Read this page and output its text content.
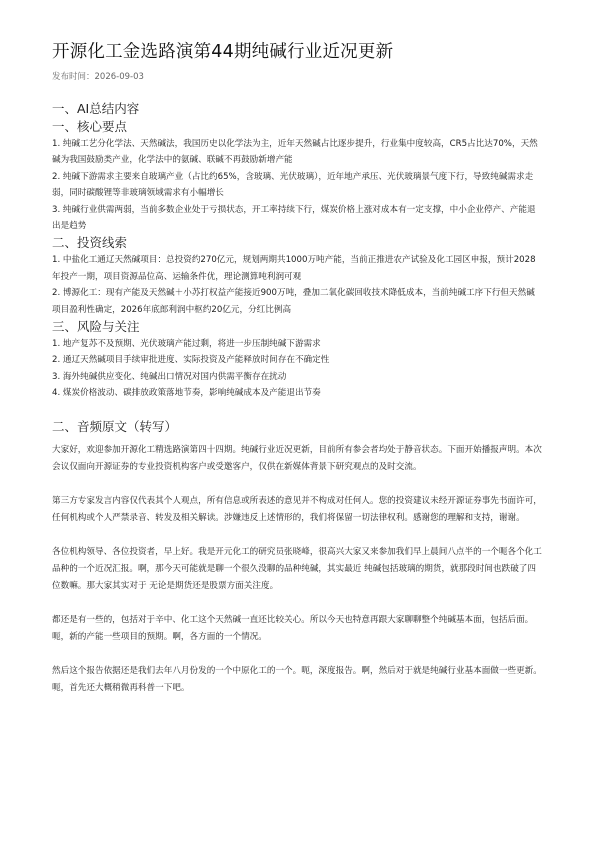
开源化工金选路演第44期纯碱行业近况更新
发布时间：2026-09-03
一、AI总结内容
一、核心要点

1. 纯碱工艺分化学法、天然碱法，我国历史以化学法为主，近年天然碱占比逐步提升，行业集中度较高，CR5占比达70%，天然碱为我国鼓励类产业，化学法中的氨碱、联碱不再鼓励新增产能

2. 纯碱下游需求主要来自玻璃产业（占比约65%，含玻璃、光伏玻璃），近年地产承压、光伏玻璃景气度下行，导致纯碱需求走弱，同时碳酸锂等非玻璃领域需求有小幅增长

3. 纯碱行业供需两弱，当前多数企业处于亏损状态，开工率持续下行，煤炭价格上涨对成本有一定支撑，中小企业停产、产能退出是趋势

二、投资线索

1. 中盐化工通辽天然碱项目：总投资约270亿元，规划两期共1000万吨产能，当前正推进农产试验及化工园区申报，预计2028年投产一期，项目资源品位高、运输条件优，理论测算吨利润可观

2. 博源化工：现有产能及天然碱＋小苏打权益产能接近900万吨，叠加二氧化碳回收技术降低成本，当前纯碱工序下行但天然碱项目盈利性确定，2026年底郎利润中枢约20亿元，分红比例高

三、风险与关注

1. 地产复苏不及预期、光伏玻璃产能过剩，将进一步压制纯碱下游需求

2. 通辽天然碱项目手续审批进度、实际投资及产能释放时间存在不确定性

3. 海外纯碱供应变化、纯碱出口情况对国内供需平衡存在扰动

4. 煤炭价格波动、碳排放政策落地节奏，影响纯碱成本及产能退出节奏

二、音频原文（转写）

大家好，欢迎参加开源化工精选路演第四十四期。纯碱行业近况更新，目前所有参会者均处于静音状态。下面开始播报声明。本次会议仅面向开源证券的专业投资机构客户或受邀客户，仅供在新媒体背景下研究观点的及时交流。

第三方专家发言内容仅代表其个人观点，所有信息或所表述的意见并不构成对任何人。您的投资建议未经开源证券事先书面许可，任何机构或个人严禁录音、转发及相关解读。涉嫌违反上述情形的，我们将保留一切法律权利。感谢您的理解和支持，谢谢。

各位机构领导、各位投资者，早上好。我是开元化工的研究员张晓峰，很高兴大家又来参加我们早上晨间八点半的一个呃各个化工品种的一个近况汇报。啊，那今天可能就是聊一个很久没聊的品种纯碱，其实最近 纯碱包括玻璃的期货，就那段时间也跌破了四位数嘛。那大家其实对于 无论是期货还是股票方面关注度。

都还是有一些的，包括对于辛中、化工这个天然碱一直还比较关心。所以今天也特意再跟大家聊聊整个纯碱基本面，包括后面。呃，新的产能一些项目的预期。啊，各方面的一个情况。

然后这个报告依据还是我们去年八月份发的一个中原化工的一个。呃，深度报告。啊，然后对于就是纯碱行业基本面做一些更新。呃，首先还大概稍微再科普一下吧。
